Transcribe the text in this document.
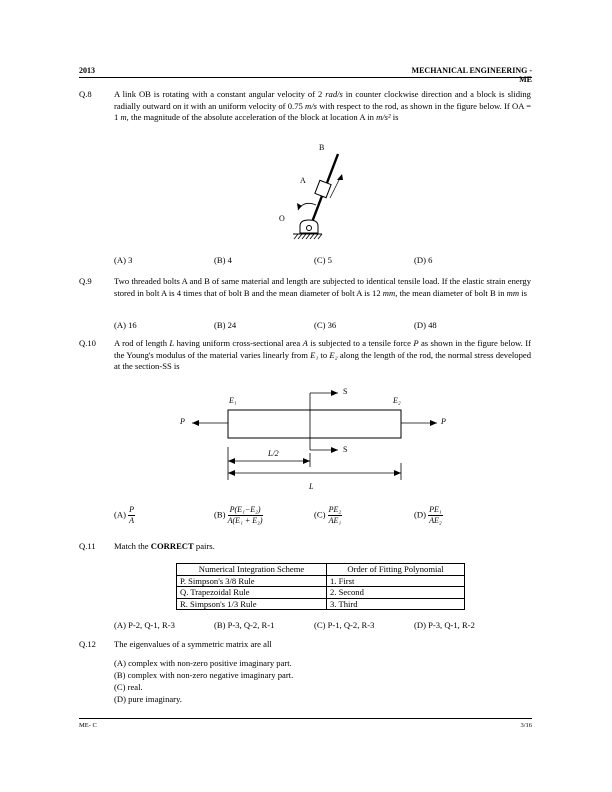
2013	MECHANICAL ENGINEERING - ME
Q.8	A link OB is rotating with a constant angular velocity of 2 rad/s in counter clockwise direction and a block is sliding radially outward on it with an uniform velocity of 0.75 m/s with respect to the rod, as shown in the figure below. If OA = 1 m, the magnitude of the absolute acceleration of the block at location A in m/s² is
B
A
O
(A) 3	(B) 4	(C) 5	(D) 6
Q.9	Two threaded bolts A and B of same material and length are subjected to identical tensile load. If the elastic strain energy stored in bolt A is 4 times that of bolt B and the mean diameter of bolt A is 12 mm, the mean diameter of bolt B in mm is
(A) 16	(B) 24	(C) 36	(D) 48
Q.10 A rod of length L having uniform cross-sectional area A is subjected to a tensile force P as shown in the figure below. If the Young's modulus of the material varies linearly from E₁ to E₂ along the length of the rod, the normal stress developed at the section-SS is
E₁	E₂
S
S
P	P
L/2
L
$(A) \frac{P}{A}$	$(B) \frac{\text{P(E₁−E₂)}}{\text{A(E₁ + E₂)}}$	$(C) \frac{\text{PE₂}}{\text{AE₁}}$	$(D) \frac{\text{PE₁}}{\text{AE₂}}$
Q.11 Match the CORRECT pairs.
Numerical Integration Scheme	Order of Fitting Polynomial
P. Simpson's 3/8 Rule	1. First
Q. Trapezoidal Rule	2. Second
R. Simpson's 1/3 Rule	3. Third
(A) P-2, Q-1, R-3	(B) P-3, Q-2, R-1	(C) P-1, Q-2, R-3	(D) P-3, Q-1, R-2
Q.12 The eigenvalues of a symmetric matrix are all
(A) complex with non-zero positive imaginary part.
(B) complex with non-zero negative imaginary part.
(C) real.
(D) pure imaginary.
ME- C	3/16
